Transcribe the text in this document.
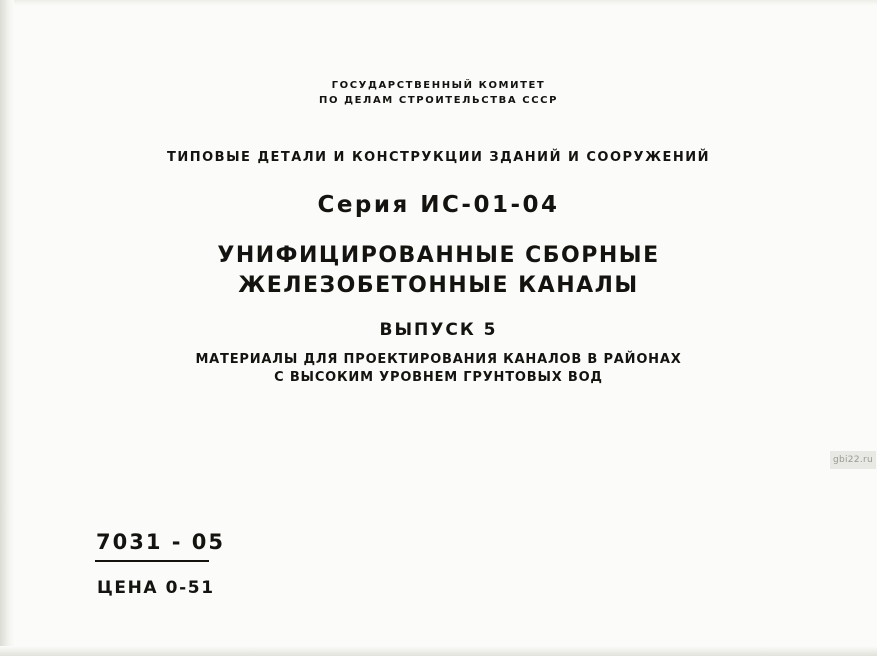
ГОСУДАРСТВЕННЫЙ КОМИТЕТ
ПО ДЕЛАМ СТРОИТЕЛЬСТВА СССР
ТИПОВЫЕ ДЕТАЛИ И КОНСТРУКЦИИ ЗДАНИЙ И СООРУЖЕНИЙ
Серия ИС-01-04
УНИФИЦИРОВАННЫЕ СБОРНЫЕ
ЖЕЛЕЗОБЕТОННЫЕ КАНАЛЫ
ВЫПУСК 5
МАТЕРИАЛЫ ДЛЯ ПРОЕКТИРОВАНИЯ КАНАЛОВ В РАЙОНАХ
С ВЫСОКИМ УРОВНЕМ ГРУНТОВЫХ ВОД
gbi22.ru
7031 - 05
ЦЕНА 0-51
